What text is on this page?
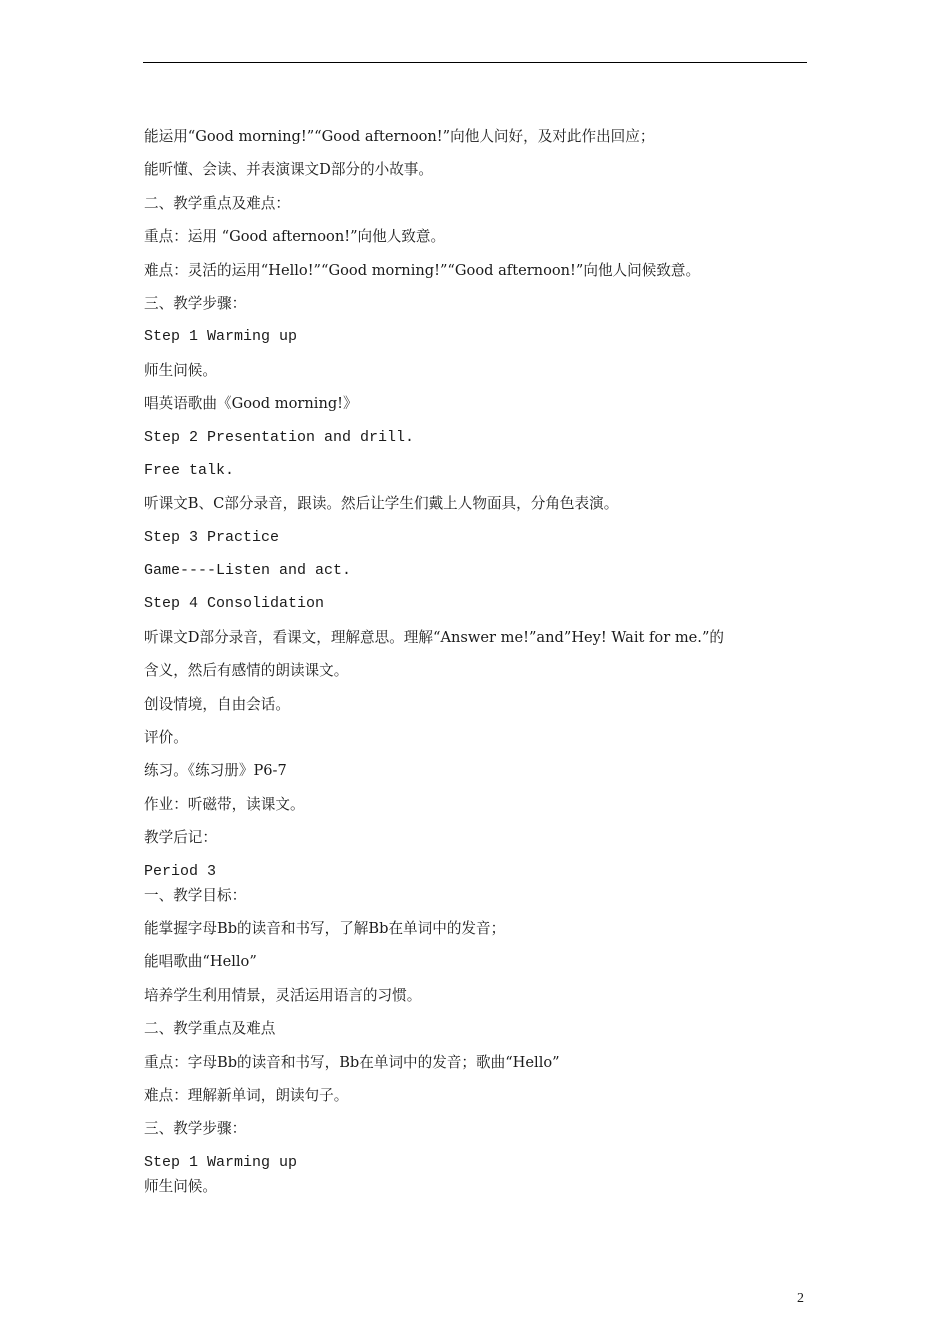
能运用“Good morning!”“Good afternoon!”向他人问好，及对此作出回应；
能听懂、会读、并表演课文D部分的小故事。
二、教学重点及难点：
重点：运用 “Good afternoon!”向他人致意。
难点：灵活的运用“Hello!”“Good morning!”“Good afternoon!”向他人问候致意。
三、教学步骤：
Step 1 Warming up
师生问候。
唱英语歌曲《Good morning!》
Step 2 Presentation and drill.
Free talk.
听课文B、C部分录音，跟读。然后让学生们戴上人物面具，分角色表演。
Step 3 Practice
Game----Listen and act.
Step 4 Consolidation
听课文D部分录音，看课文，理解意思。理解“Answer me!”and”Hey! Wait for me.”的
含义，然后有感情的朗读课文。
创设情境，自由会话。
评价。
练习。《练习册》P6-7
作业：听磁带，读课文。
教学后记：
Period 3
一、教学目标：
能掌握字母Bb的读音和书写，了解Bb在单词中的发音；
能唱歌曲“Hello”
培养学生利用情景，灵活运用语言的习惯。
二、教学重点及难点
重点：字母Bb的读音和书写，Bb在单词中的发音；歌曲“Hello”
难点：理解新单词，朗读句子。
三、教学步骤：
Step 1 Warming up
师生问候。
2
